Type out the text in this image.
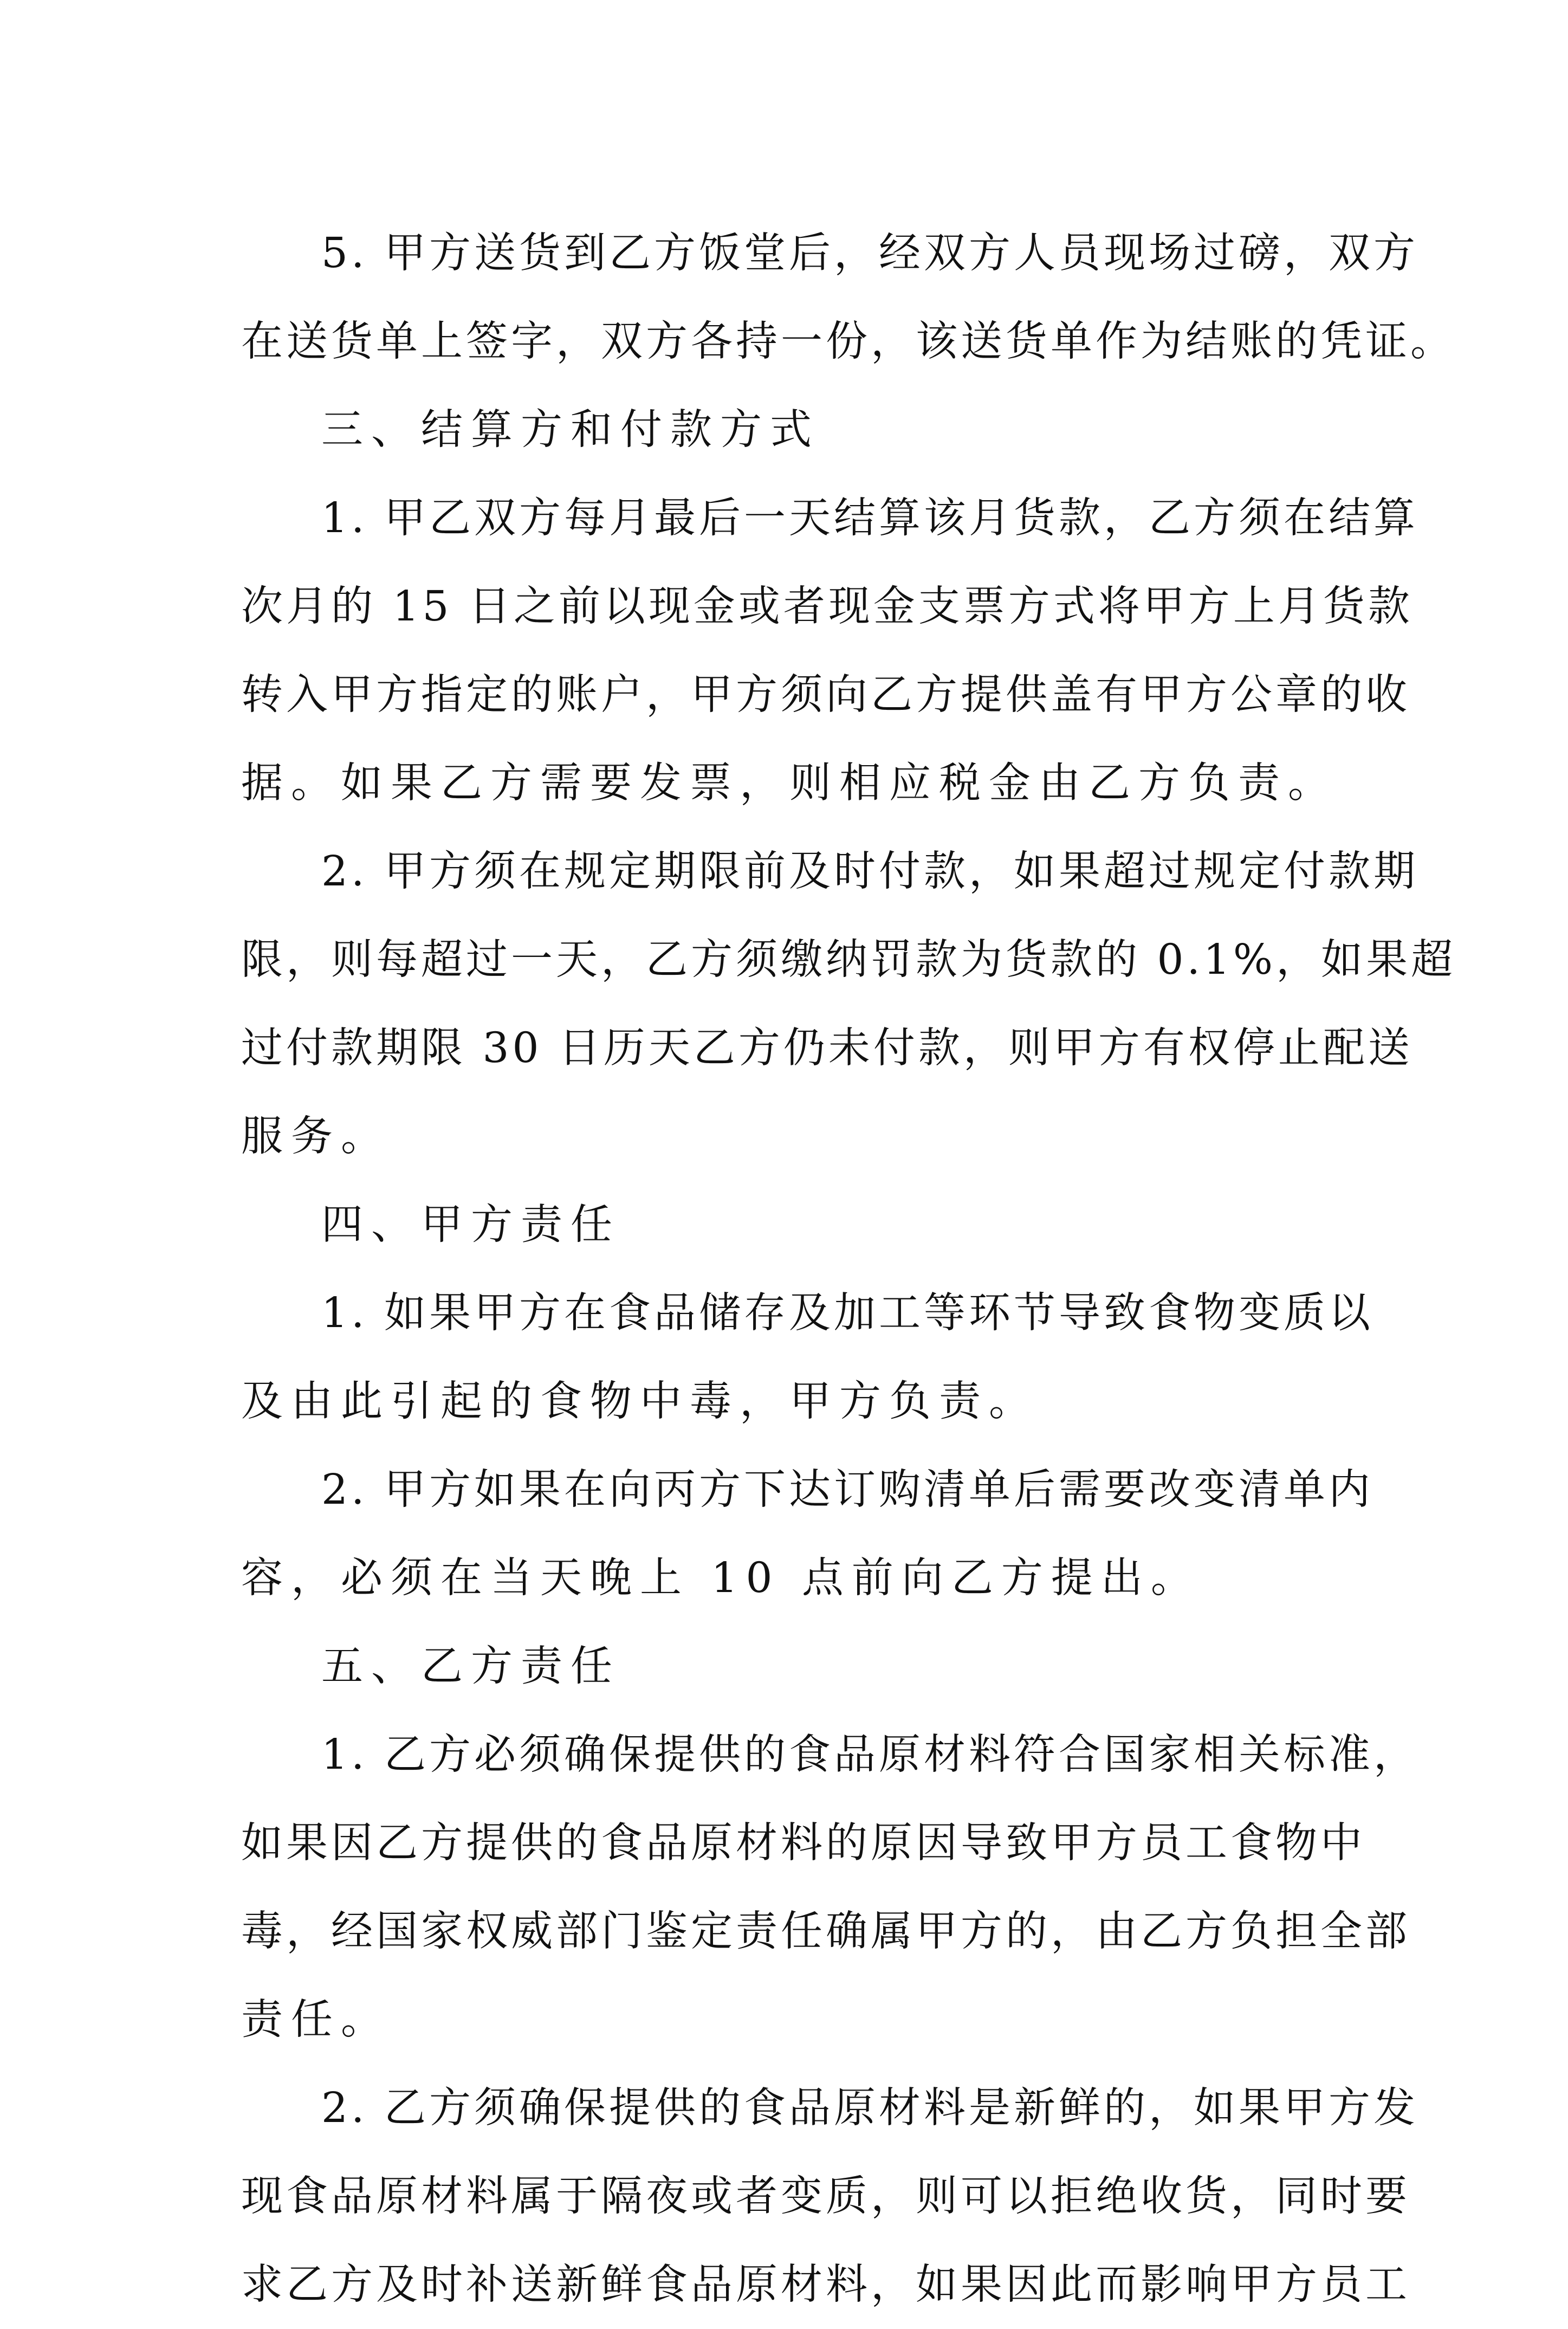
5. 甲方送货到乙方饭堂后，经双方人员现场过磅，双方
在送货单上签字，双方各持一份，该送货单作为结账的凭证。
三、结算方和付款方式
1. 甲乙双方每月最后一天结算该月货款，乙方须在结算
次月的 15 日之前以现金或者现金支票方式将甲方上月货款
转入甲方指定的账户，甲方须向乙方提供盖有甲方公章的收
据。如果乙方需要发票，则相应税金由乙方负责。
2. 甲方须在规定期限前及时付款，如果超过规定付款期
限，则每超过一天，乙方须缴纳罚款为货款的 0.1%，如果超
过付款期限 30 日历天乙方仍未付款，则甲方有权停止配送
服务。
四、甲方责任
1. 如果甲方在食品储存及加工等环节导致食物变质以
及由此引起的食物中毒，甲方负责。
2. 甲方如果在向丙方下达订购清单后需要改变清单内
容，必须在当天晚上 10 点前向乙方提出。
五、乙方责任
1. 乙方必须确保提供的食品原材料符合国家相关标准，
如果因乙方提供的食品原材料的原因导致甲方员工食物中
毒，经国家权威部门鉴定责任确属甲方的，由乙方负担全部
责任。
2. 乙方须确保提供的食品原材料是新鲜的，如果甲方发
现食品原材料属于隔夜或者变质，则可以拒绝收货，同时要
求乙方及时补送新鲜食品原材料，如果因此而影响甲方员工
